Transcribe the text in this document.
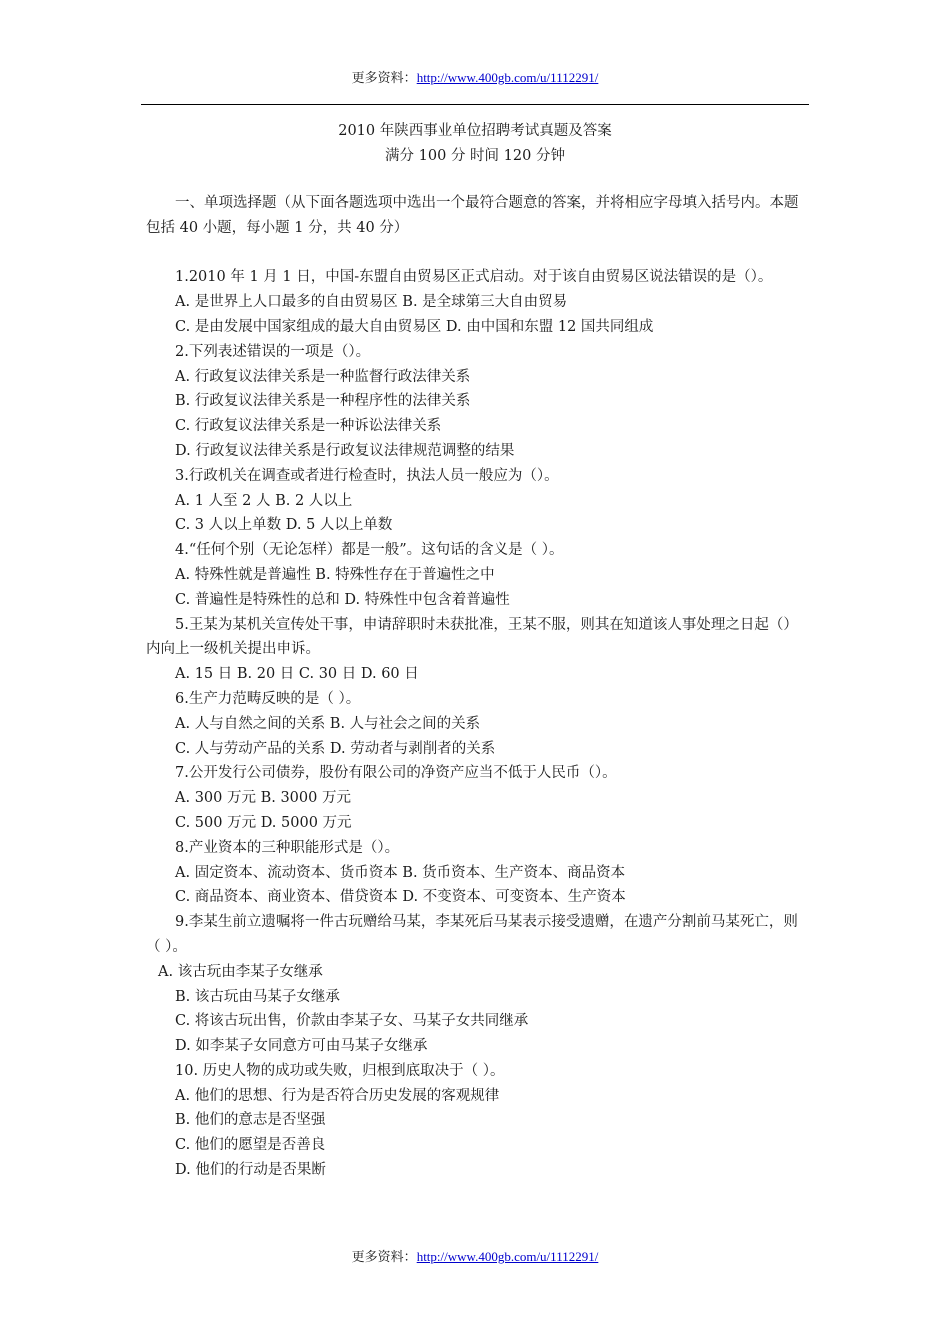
更多资料：http://www.400gb.com/u/1112291/
2010 年陕西事业单位招聘考试真题及答案
满分 100 分 时间 120 分钟

一、单项选择题（从下面各题选项中选出一个最符合题意的答案，并将相应字母填入括号内。本题包括 40 小题，每小题 1 分，共 40 分）

1.2010 年 1 月 1 日，中国-东盟自由贸易区正式启动。对于该自由贸易区说法错误的是（）。

A. 是世界上人口最多的自由贸易区 B. 是全球第三大自由贸易

C. 是由发展中国家组成的最大自由贸易区 D. 由中国和东盟 12 国共同组成

2.下列表述错误的一项是（）。

A. 行政复议法律关系是一种监督行政法律关系

B. 行政复议法律关系是一种程序性的法律关系

C. 行政复议法律关系是一种诉讼法律关系

D. 行政复议法律关系是行政复议法律规范调整的结果

3.行政机关在调查或者进行检查时，执法人员一般应为（）。

A. 1 人至 2 人 B. 2 人以上

C. 3 人以上单数 D. 5 人以上单数

4.“任何个别（无论怎样）都是一般”。这句话的含义是（ ）。

A. 特殊性就是普遍性 B. 特殊性存在于普遍性之中

C. 普遍性是特殊性的总和 D. 特殊性中包含着普遍性

5.王某为某机关宣传处干事，申请辞职时未获批准，王某不服，则其在知道该人事处理之日起（）内向上一级机关提出申诉。

A. 15 日 B. 20 日 C. 30 日 D. 60 日

6.生产力范畴反映的是（ ）。

A. 人与自然之间的关系 B. 人与社会之间的关系

C. 人与劳动产品的关系 D. 劳动者与剥削者的关系

7.公开发行公司债券，股份有限公司的净资产应当不低于人民币（）。

A. 300 万元 B. 3000 万元

C. 500 万元 D. 5000 万元

8.产业资本的三种职能形式是（）。

A. 固定资本、流动资本、货币资本 B. 货币资本、生产资本、商品资本

C. 商品资本、商业资本、借贷资本 D. 不变资本、可变资本、生产资本

9.李某生前立遗嘱将一件古玩赠给马某，李某死后马某表示接受遗赠，在遗产分割前马某死亡，则（ ）。

A. 该古玩由李某子女继承

B. 该古玩由马某子女继承

C. 将该古玩出售，价款由李某子女、马某子女共同继承

D. 如李某子女同意方可由马某子女继承

10. 历史人物的成功或失败，归根到底取决于（ ）。

A. 他们的思想、行为是否符合历史发展的客观规律

B. 他们的意志是否坚强

C. 他们的愿望是否善良

D. 他们的行动是否果断

更多资料：http://www.400gb.com/u/1112291/
